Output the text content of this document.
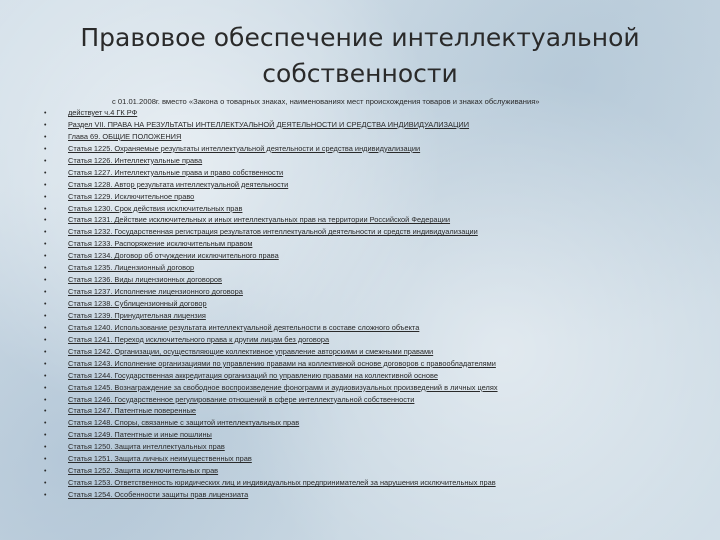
Правовое обеспечение интеллектуальной
собственности
с 01.01.2008г. вместо «Закона о товарных знаках, наименованиях мест происхождения товаров и знаках обслуживания»
•	действует ч.4 ГК РФ
•	Раздел VII. ПРАВА НА РЕЗУЛЬТАТЫ ИНТЕЛЛЕКТУАЛЬНОЙ ДЕЯТЕЛЬНОСТИ И СРЕДСТВА ИНДИВИДУАЛИЗАЦИИ
•	Глава 69. ОБЩИЕ ПОЛОЖЕНИЯ
•	Статья 1225. Охраняемые результаты интеллектуальной деятельности и средства индивидуализации
•	Статья 1226. Интеллектуальные права
•	Статья 1227. Интеллектуальные права и право собственности
•	Статья 1228. Автор результата интеллектуальной деятельности
•	Статья 1229. Исключительное право
•	Статья 1230. Срок действия исключительных прав
•	Статья 1231. Действие исключительных и иных интеллектуальных прав на территории Российской Федерации
•	Статья 1232. Государственная регистрация результатов интеллектуальной деятельности и средств индивидуализации
•	Статья 1233. Распоряжение исключительным правом
•	Статья 1234. Договор об отчуждении исключительного права
•	Статья 1235. Лицензионный договор
•	Статья 1236. Виды лицензионных договоров
•	Статья 1237. Исполнение лицензионного договора
•	Статья 1238. Сублицензионный договор
•	Статья 1239. Принудительная лицензия
•	Статья 1240. Использование результата интеллектуальной деятельности в составе сложного объекта
•	Статья 1241. Переход исключительного права к другим лицам без договора
•	Статья 1242. Организации, осуществляющие коллективное управление авторскими и смежными правами
•	Статья 1243. Исполнение организациями по управлению правами на коллективной основе договоров с правообладателями
•	Статья 1244. Государственная аккредитация организаций по управлению правами на коллективной основе
•	Статья 1245. Вознаграждение за свободное воспроизведение фонограмм и аудиовизуальных произведений в личных целях
•	Статья 1246. Государственное регулирование отношений в сфере интеллектуальной собственности
•	Статья 1247. Патентные поверенные
•	Статья 1248. Споры, связанные с защитой интеллектуальных прав
•	Статья 1249. Патентные и иные пошлины
•	Статья 1250. Защита интеллектуальных прав
•	Статья 1251. Защита личных неимущественных прав
•	Статья 1252. Защита исключительных прав
•	Статья 1253. Ответственность юридических лиц и индивидуальных предпринимателей за нарушения исключительных прав
•	Статья 1254. Особенности защиты прав лицензиата
